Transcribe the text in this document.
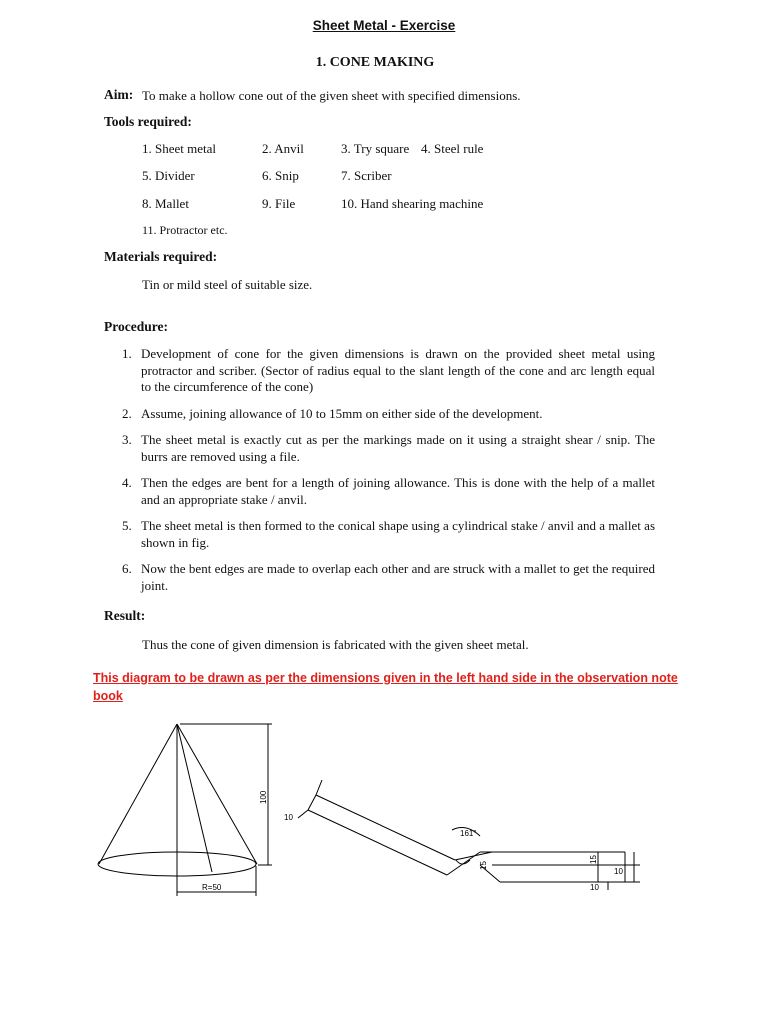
Sheet Metal - Exercise
1. CONE MAKING
Aim: To make a hollow cone out of the given sheet with specified dimensions.
Tools required:
1. Sheet metal	2. Anvil	3. Try square 4. Steel rule
5. Divider	6. Snip	7. Scriber
8. Mallet	9. File	10. Hand shearing machine
11. Protractor etc.
Materials required:
Tin or mild steel of suitable size.
Procedure:
1. Development of cone for the given dimensions is drawn on the provided sheet metal using protractor and scriber. (Sector of radius equal to the slant length of the cone and arc length equal to the circumference of the cone)
2. Assume, joining allowance of 10 to 15mm on either side of the development.
3. The sheet metal is exactly cut as per the markings made on it using a straight shear / snip. The burrs are removed using a file.
4. Then the edges are bent for a length of joining allowance. This is done with the help of a mallet and an appropriate stake / anvil.
5. The sheet metal is then formed to the conical shape using a cylindrical stake / anvil and a mallet as shown in fig.
6. Now the bent edges are made to overlap each other and are struck with a mallet to get the required joint.
Result:
Thus the cone of given dimension is fabricated with the given sheet metal.
This diagram to be drawn as per the dimensions given in the left hand side in the observation note book
100
R=50
10
161°
15
15
10
10
